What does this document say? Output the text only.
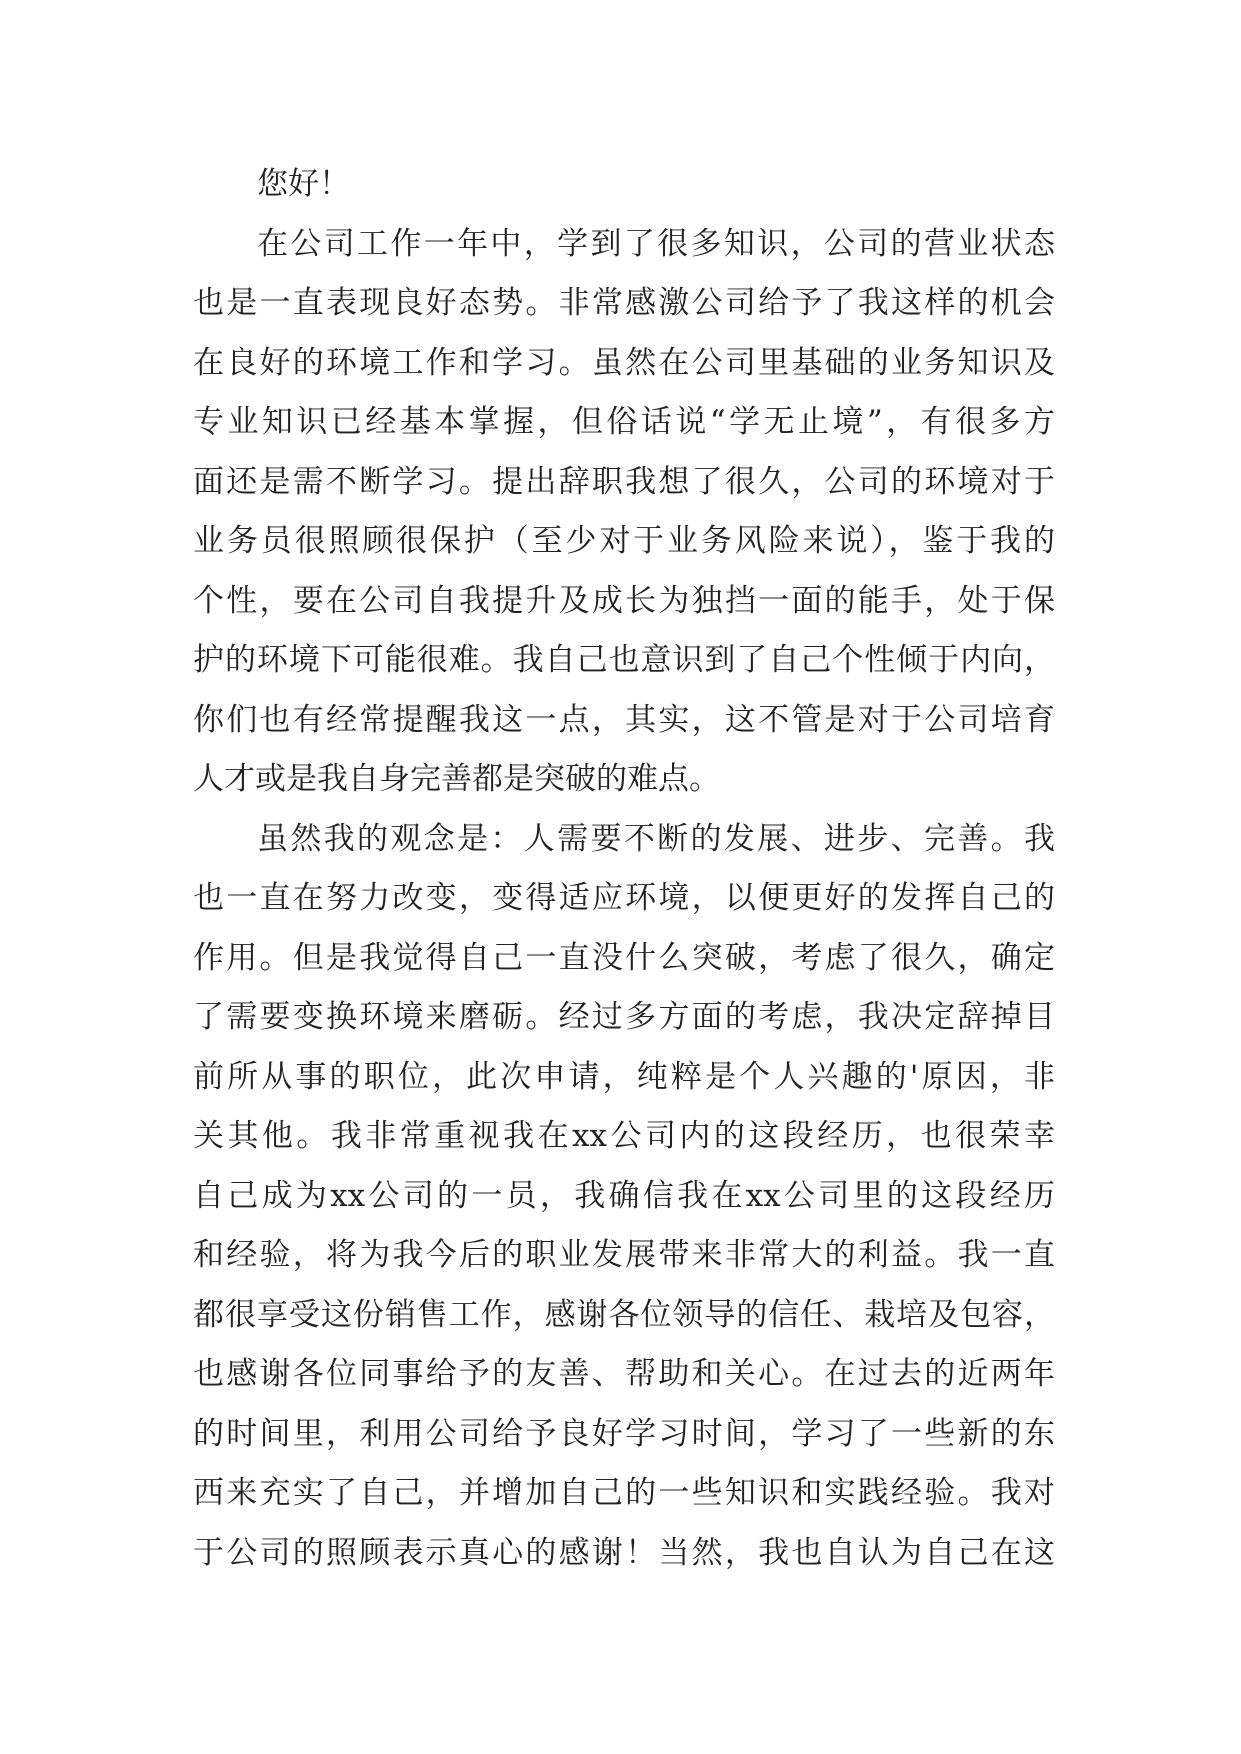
您好！
在公司工作一年中，学到了很多知识，公司的营业状态
也是一直表现良好态势。非常感激公司给予了我这样的机会
在良好的环境工作和学习。虽然在公司里基础的业务知识及
专业知识已经基本掌握，但俗话说“学无止境”，有很多方
面还是需不断学习。提出辞职我想了很久，公司的环境对于
业务员很照顾很保护（至少对于业务风险来说），鉴于我的
个性，要在公司自我提升及成长为独挡一面的能手，处于保
护的环境下可能很难。我自己也意识到了自己个性倾于内向，
你们也有经常提醒我这一点，其实，这不管是对于公司培育
人才或是我自身完善都是突破的难点。
虽然我的观念是：人需要不断的发展、进步、完善。我
也一直在努力改变，变得适应环境，以便更好的发挥自己的
作用。但是我觉得自己一直没什么突破，考虑了很久，确定
了需要变换环境来磨砺。经过多方面的考虑，我决定辞掉目
前所从事的职位，此次申请，纯粹是个人兴趣的'原因，非
关其他。我非常重视我在xx公司内的这段经历，也很荣幸
自己成为xx公司的一员，我确信我在xx公司里的这段经历
和经验，将为我今后的职业发展带来非常大的利益。我一直
都很享受这份销售工作，感谢各位领导的信任、栽培及包容，
也感谢各位同事给予的友善、帮助和关心。在过去的近两年
的时间里，利用公司给予良好学习时间，学习了一些新的东
西来充实了自己，并增加自己的一些知识和实践经验。我对
于公司的照顾表示真心的感谢！当然，我也自认为自己在这
